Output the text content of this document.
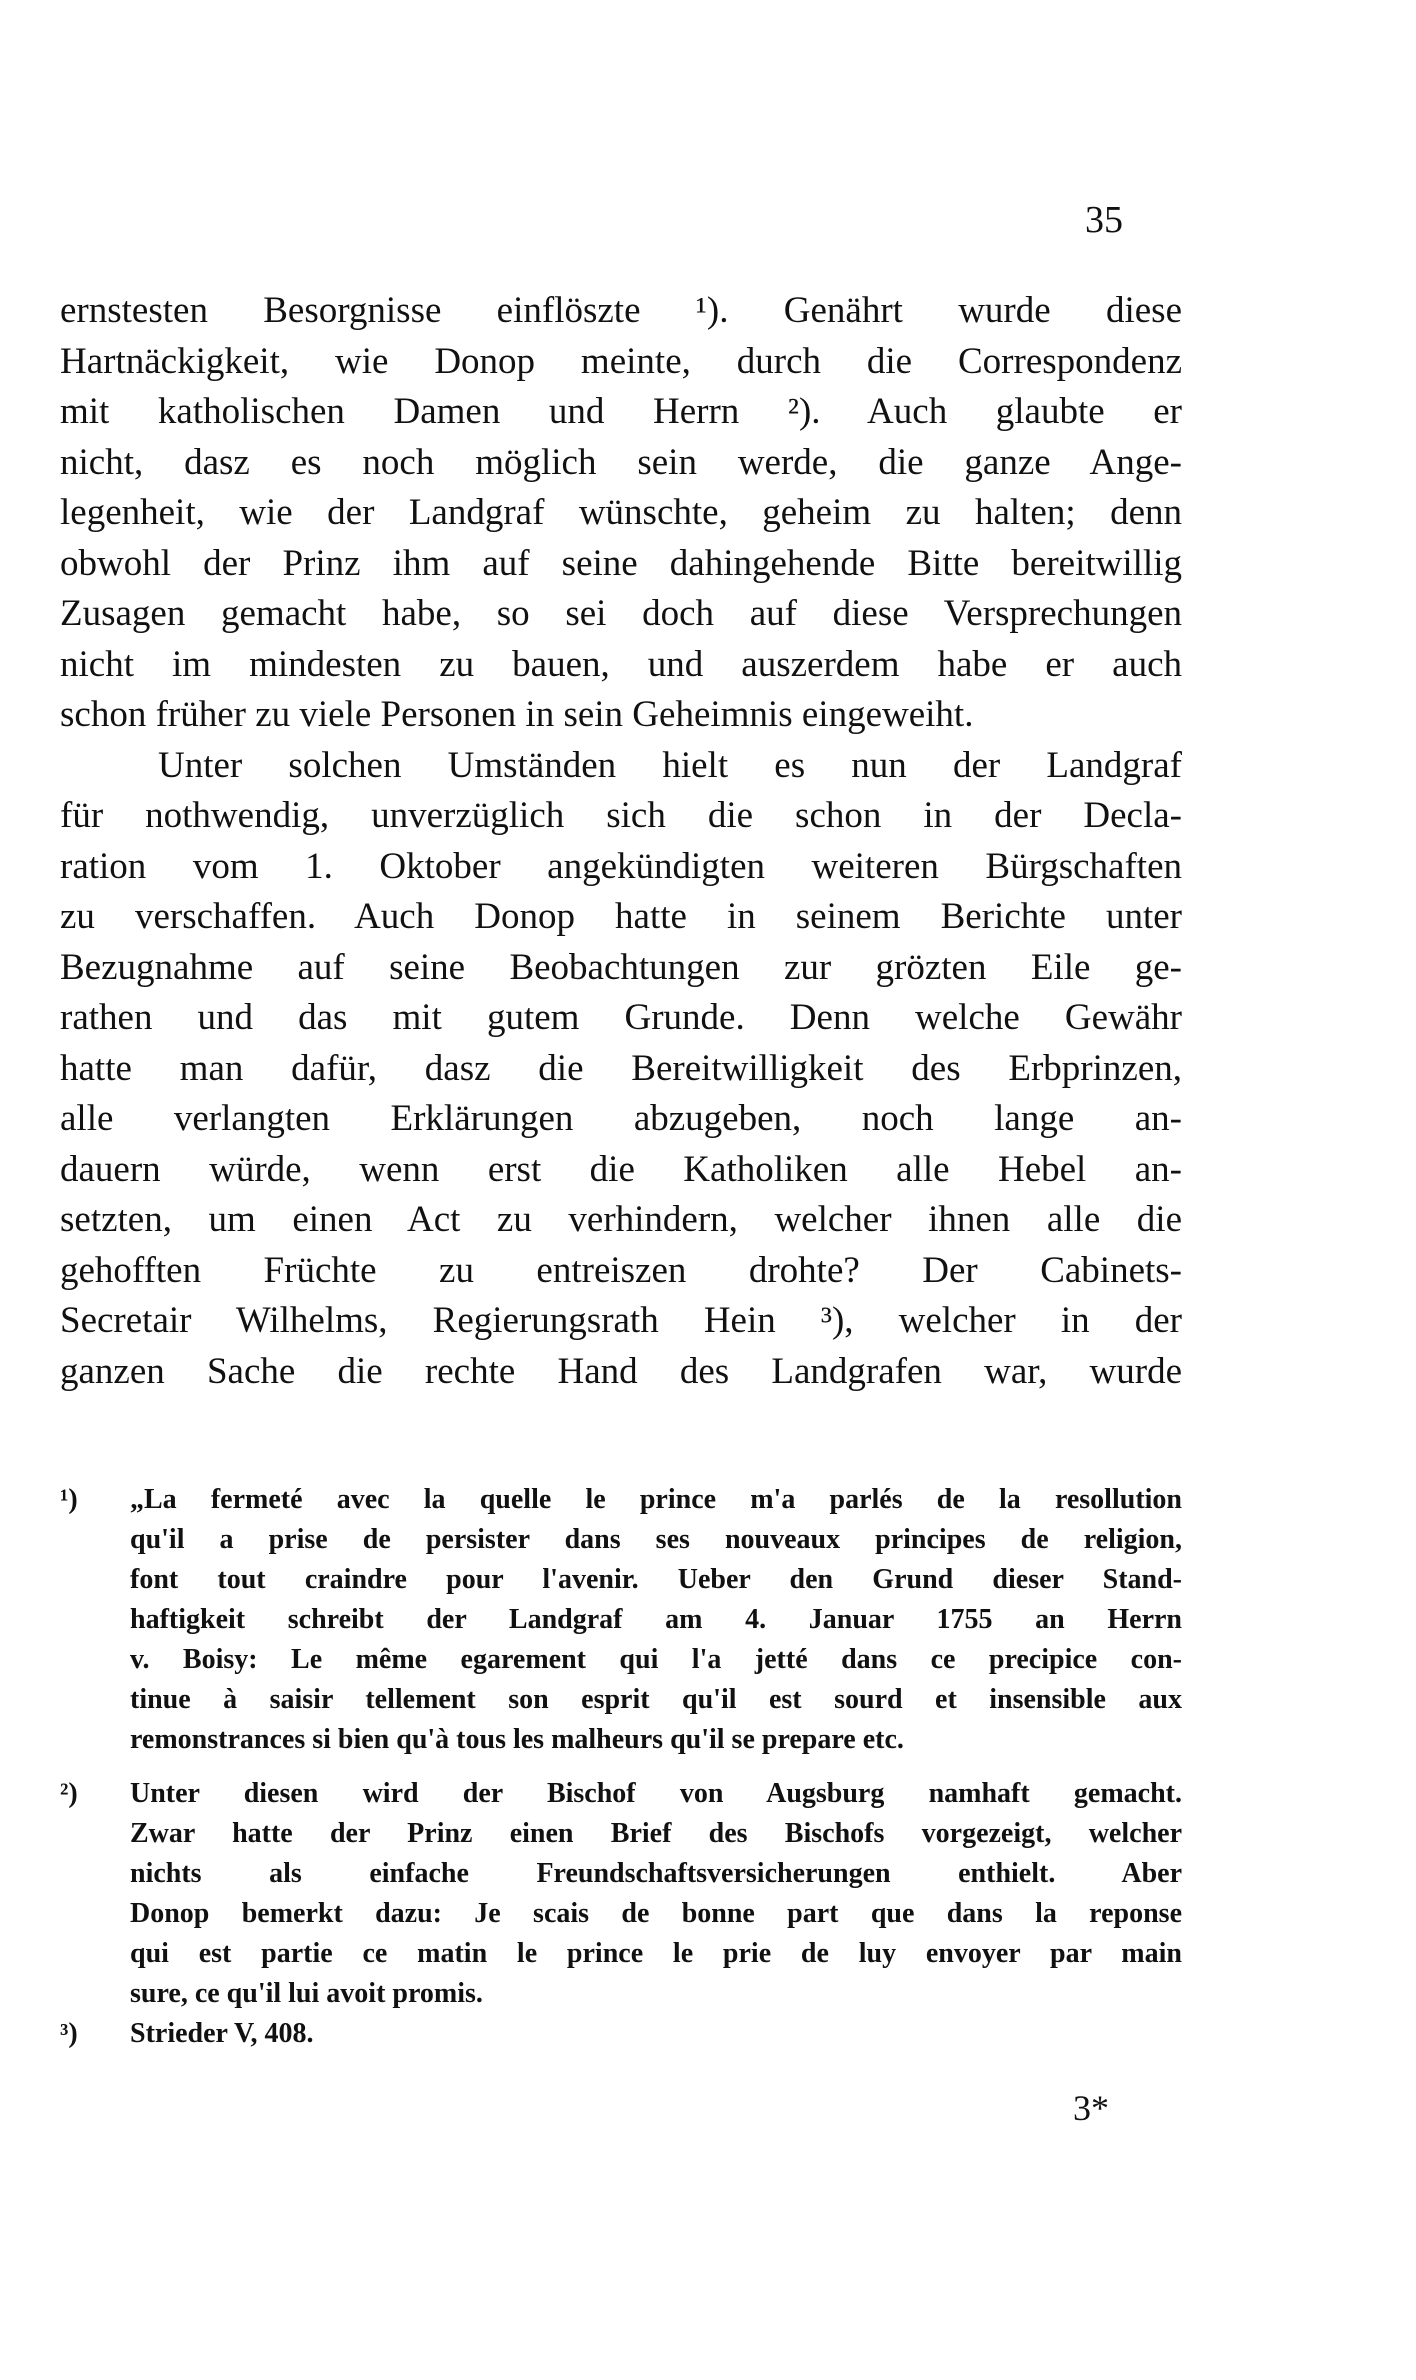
35
ernstesten Besorgnisse einflöszte ¹). Genährt wurde diese
Hartnäckigkeit, wie Donop meinte, durch die Correspondenz
mit katholischen Damen und Herrn ²). Auch glaubte er
nicht, dasz es noch möglich sein werde, die ganze Ange-
legenheit, wie der Landgraf wünschte, geheim zu halten; denn
obwohl der Prinz ihm auf seine dahingehende Bitte bereitwillig
Zusagen gemacht habe, so sei doch auf diese Versprechungen
nicht im mindesten zu bauen, und auszerdem habe er auch
schon früher zu viele Personen in sein Geheimnis eingeweiht.
Unter solchen Umständen hielt es nun der Landgraf
für nothwendig, unverzüglich sich die schon in der Decla-
ration vom 1. Oktober angekündigten weiteren Bürgschaften
zu verschaffen. Auch Donop hatte in seinem Berichte unter
Bezugnahme auf seine Beobachtungen zur grözten Eile ge-
rathen und das mit gutem Grunde. Denn welche Gewähr
hatte man dafür, dasz die Bereitwilligkeit des Erbprinzen,
alle verlangten Erklärungen abzugeben, noch lange an-
dauern würde, wenn erst die Katholiken alle Hebel an-
setzten, um einen Act zu verhindern, welcher ihnen alle die
gehofften Früchte zu entreiszen drohte? Der Cabinets-
Secretair Wilhelms, Regierungsrath Hein ³), welcher in der
ganzen Sache die rechte Hand des Landgrafen war, wurde
¹) „La fermeté avec la quelle le prince m'a parlés de la resollution
qu'il a prise de persister dans ses nouveaux principes de religion,
font tout craindre pour l'avenir. Ueber den Grund dieser Stand-
haftigkeit schreibt der Landgraf am 4. Januar 1755 an Herrn
v. Boisy: Le même egarement qui l'a jetté dans ce precipice con-
tinue à saisir tellement son esprit qu'il est sourd et insensible aux
remonstrances si bien qu'à tous les malheurs qu'il se prepare etc.
²) Unter diesen wird der Bischof von Augsburg namhaft gemacht.
Zwar hatte der Prinz einen Brief des Bischofs vorgezeigt, welcher
nichts als einfache Freundschaftsversicherungen enthielt. Aber
Donop bemerkt dazu: Je scais de bonne part que dans la reponse
qui est partie ce matin le prince le prie de luy envoyer par main
sure, ce qu'il lui avoit promis.
³) Strieder V, 408.
3*
